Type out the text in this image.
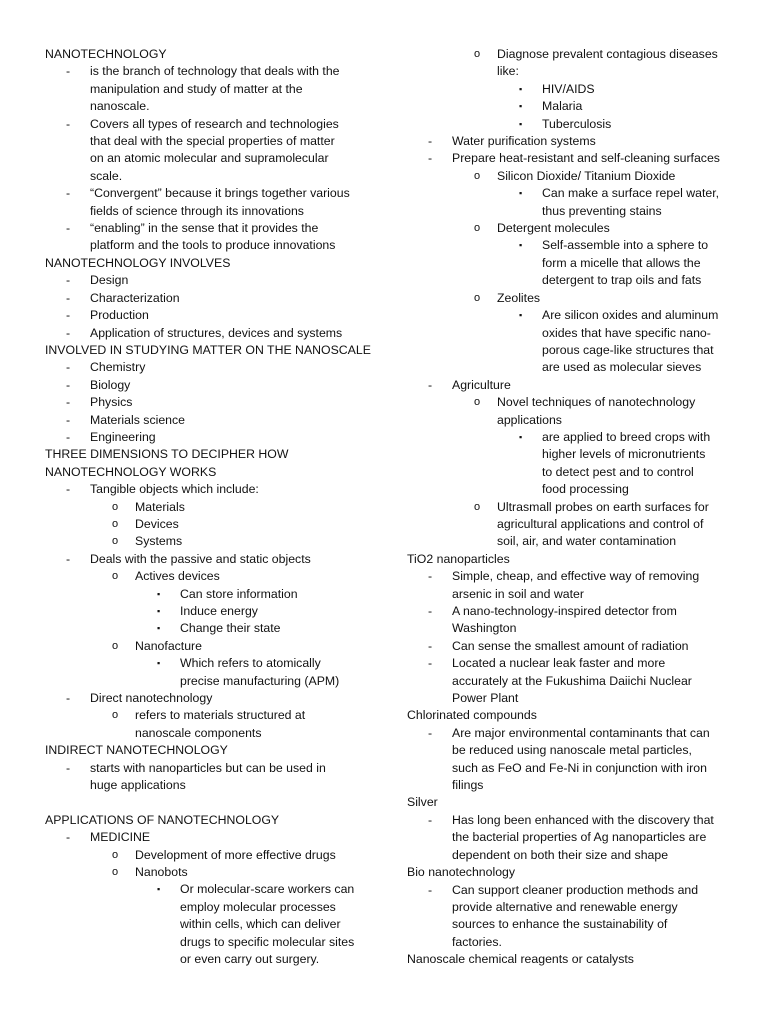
NANOTECHNOLOGY
- is the branch of technology that deals with the
manipulation and study of matter at the
nanoscale.
- Covers all types of research and technologies
that deal with the special properties of matter
on an atomic molecular and supramolecular
scale.
- “Convergent” because it brings together various
fields of science through its innovations
- “enabling” in the sense that it provides the
platform and the tools to produce innovations
NANOTECHNOLOGY INVOLVES
- Design
- Characterization
- Production
- Application of structures, devices and systems
INVOLVED IN STUDYING MATTER ON THE NANOSCALE
- Chemistry
- Biology
- Physics
- Materials science
- Engineering
THREE DIMENSIONS TO DECIPHER HOW
NANOTECHNOLOGY WORKS
- Tangible objects which include:
o Materials
o Devices
o Systems
- Deals with the passive and static objects
o Actives devices
▪ Can store information
▪ Induce energy
▪ Change their state
o Nanofacture
▪ Which refers to atomically
precise manufacturing (APM)
- Direct nanotechnology
o refers to materials structured at
nanoscale components
INDIRECT NANOTECHNOLOGY
- starts with nanoparticles but can be used in
huge applications
APPLICATIONS OF NANOTECHNOLOGY
- MEDICINE
o Development of more effective drugs
o Nanobots
▪ Or molecular-scare workers can
employ molecular processes
within cells, which can deliver
drugs to specific molecular sites
or even carry out surgery.
o Diagnose prevalent contagious diseases
like:
▪ HIV/AIDS
▪ Malaria
▪ Tuberculosis
- Water purification systems
- Prepare heat-resistant and self-cleaning surfaces
o Silicon Dioxide/ Titanium Dioxide
▪ Can make a surface repel water,
thus preventing stains
o Detergent molecules
▪ Self-assemble into a sphere to
form a micelle that allows the
detergent to trap oils and fats
o Zeolites
▪ Are silicon oxides and aluminum
oxides that have specific nano-
porous cage-like structures that
are used as molecular sieves
- Agriculture
o Novel techniques of nanotechnology
applications
▪ are applied to breed crops with
higher levels of micronutrients
to detect pest and to control
food processing
o Ultrasmall probes on earth surfaces for
agricultural applications and control of
soil, air, and water contamination
TiO2 nanoparticles
- Simple, cheap, and effective way of removing
arsenic in soil and water
- A nano-technology-inspired detector from
Washington
- Can sense the smallest amount of radiation
- Located a nuclear leak faster and more
accurately at the Fukushima Daiichi Nuclear
Power Plant
Chlorinated compounds
- Are major environmental contaminants that can
be reduced using nanoscale metal particles,
such as FeO and Fe-Ni in conjunction with iron
filings
Silver
- Has long been enhanced with the discovery that
the bacterial properties of Ag nanoparticles are
dependent on both their size and shape
Bio nanotechnology
- Can support cleaner production methods and
provide alternative and renewable energy
sources to enhance the sustainability of
factories.
Nanoscale chemical reagents or catalysts
